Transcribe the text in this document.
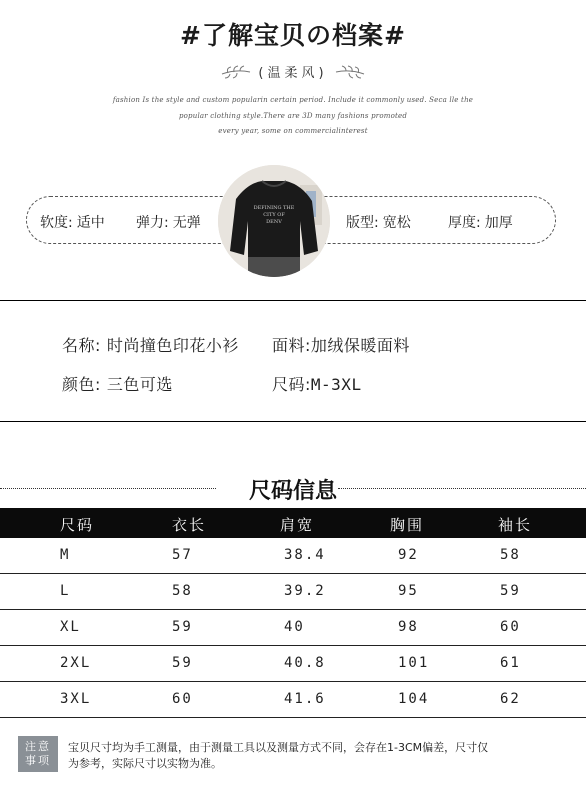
#了解宝贝の档案#
(温柔风)
fashion Is the style and custom popularin certain period. Include it commonly used. Seca lle the
popular clothing style.There are 3D many fashions promoted
every year, some on commercialinterest
软度: 适中 弹力: 无弹	版型: 宽松	厚度: 加厚
DEFINING THE
CITY OF
DENV
名称: 时尚撞色印花小衫 面料:加绒保暖面料
颜色: 三色可选	尺码:M-3XL
尺码信息
尺码	衣长	肩宽	胸围	袖长
M	57	38.4	92	58
L	58	39.2	95	59
XL	59	40	98	60
2XL	59	40.8	101	61
3XL	60	41.6	104	62
注意
事项
宝贝尺寸均为手工测量，由于测量工具以及测量方式不同，会存在1-3CM偏差，尺寸仅
为参考，实际尺寸以实物为准。
